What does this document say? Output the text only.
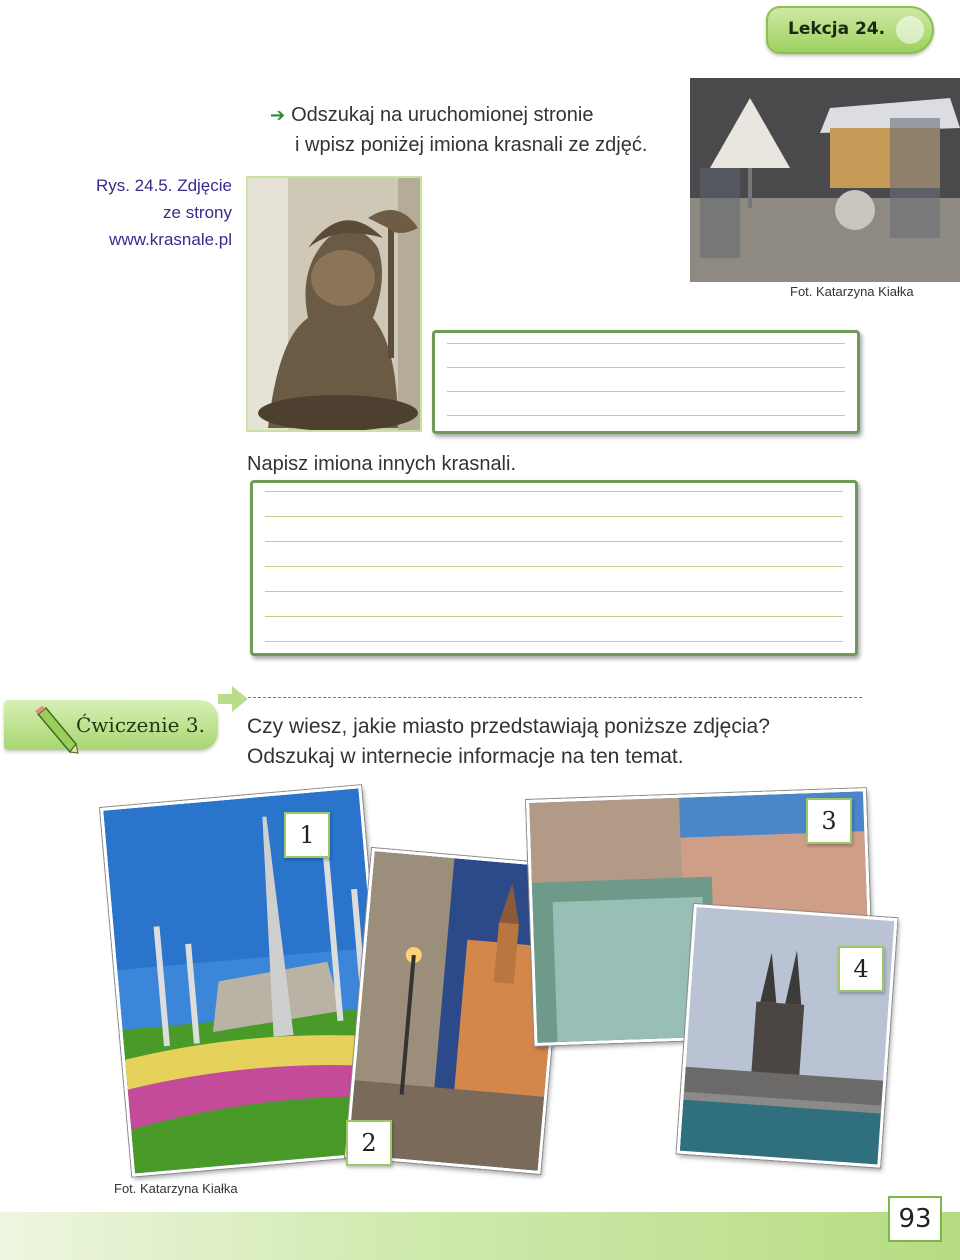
Lekcja 24.
Rys. 24.5. Zdjęcie
ze strony
www.krasnale.pl
➔ Odszukaj na uruchomionej stronie
i wpisz poniżej imiona krasnali ze zdjęć.
Fot. Katarzyna Kiałka
Napisz imiona innych krasnali.
Ćwiczenie 3. Czy wiesz, jakie miasto przedstawiają poniższe zdjęcia?
Odszukaj w internecie informacje na ten temat.
1
2
3
4
Fot. Katarzyna Kiałka
93
